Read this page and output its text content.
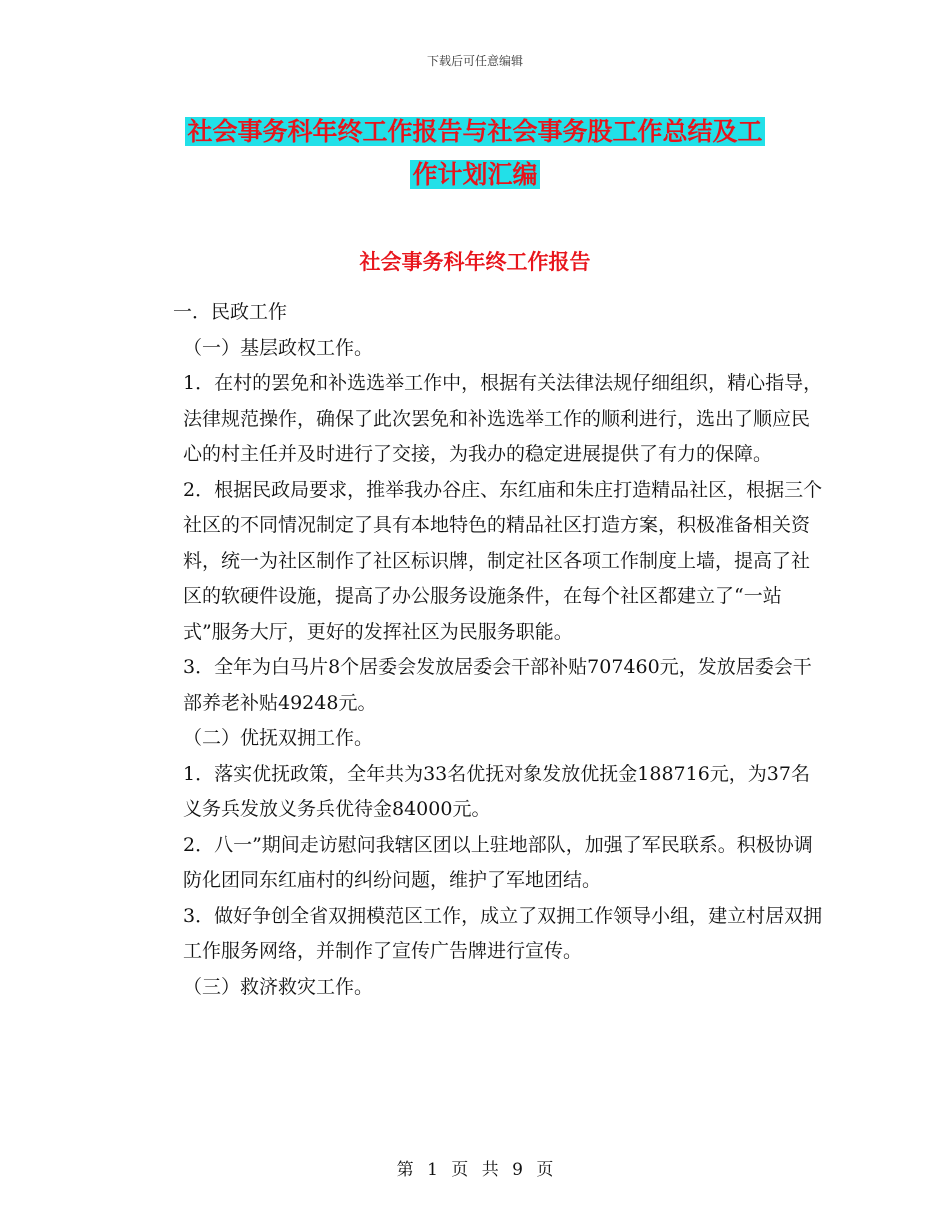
下载后可任意编辑
社会事务科年终工作报告与社会事务股工作总结及工
作计划汇编
社会事务科年终工作报告

一．民政工作

（一）基层政权工作。

1．在村的罢免和补选选举工作中，根据有关法律法规仔细组织，精心指导，法律规范操作，确保了此次罢免和补选选举工作的顺利进行，选出了顺应民心的村主任并及时进行了交接，为我办的稳定进展提供了有力的保障。

2．根据民政局要求，推举我办谷庄、东红庙和朱庄打造精品社区，根据三个社区的不同情况制定了具有本地特色的精品社区打造方案，积极准备相关资料，统一为社区制作了社区标识牌，制定社区各项工作制度上墙，提高了社区的软硬件设施，提高了办公服务设施条件，在每个社区都建立了“一站式”服务大厅，更好的发挥社区为民服务职能。

3．全年为白马片8个居委会发放居委会干部补贴707460元，发放居委会干部养老补贴49248元。

（二）优抚双拥工作。

1．落实优抚政策，全年共为33名优抚对象发放优抚金188716元，为37名义务兵发放义务兵优待金84000元。

2．八一”期间走访慰问我辖区团以上驻地部队，加强了军民联系。积极协调防化团同东红庙村的纠纷问题，维护了军地团结。

3．做好争创全省双拥模范区工作，成立了双拥工作领导小组，建立村居双拥工作服务网络，并制作了宣传广告牌进行宣传。

（三）救济救灾工作。

第 1 页 共 9 页
